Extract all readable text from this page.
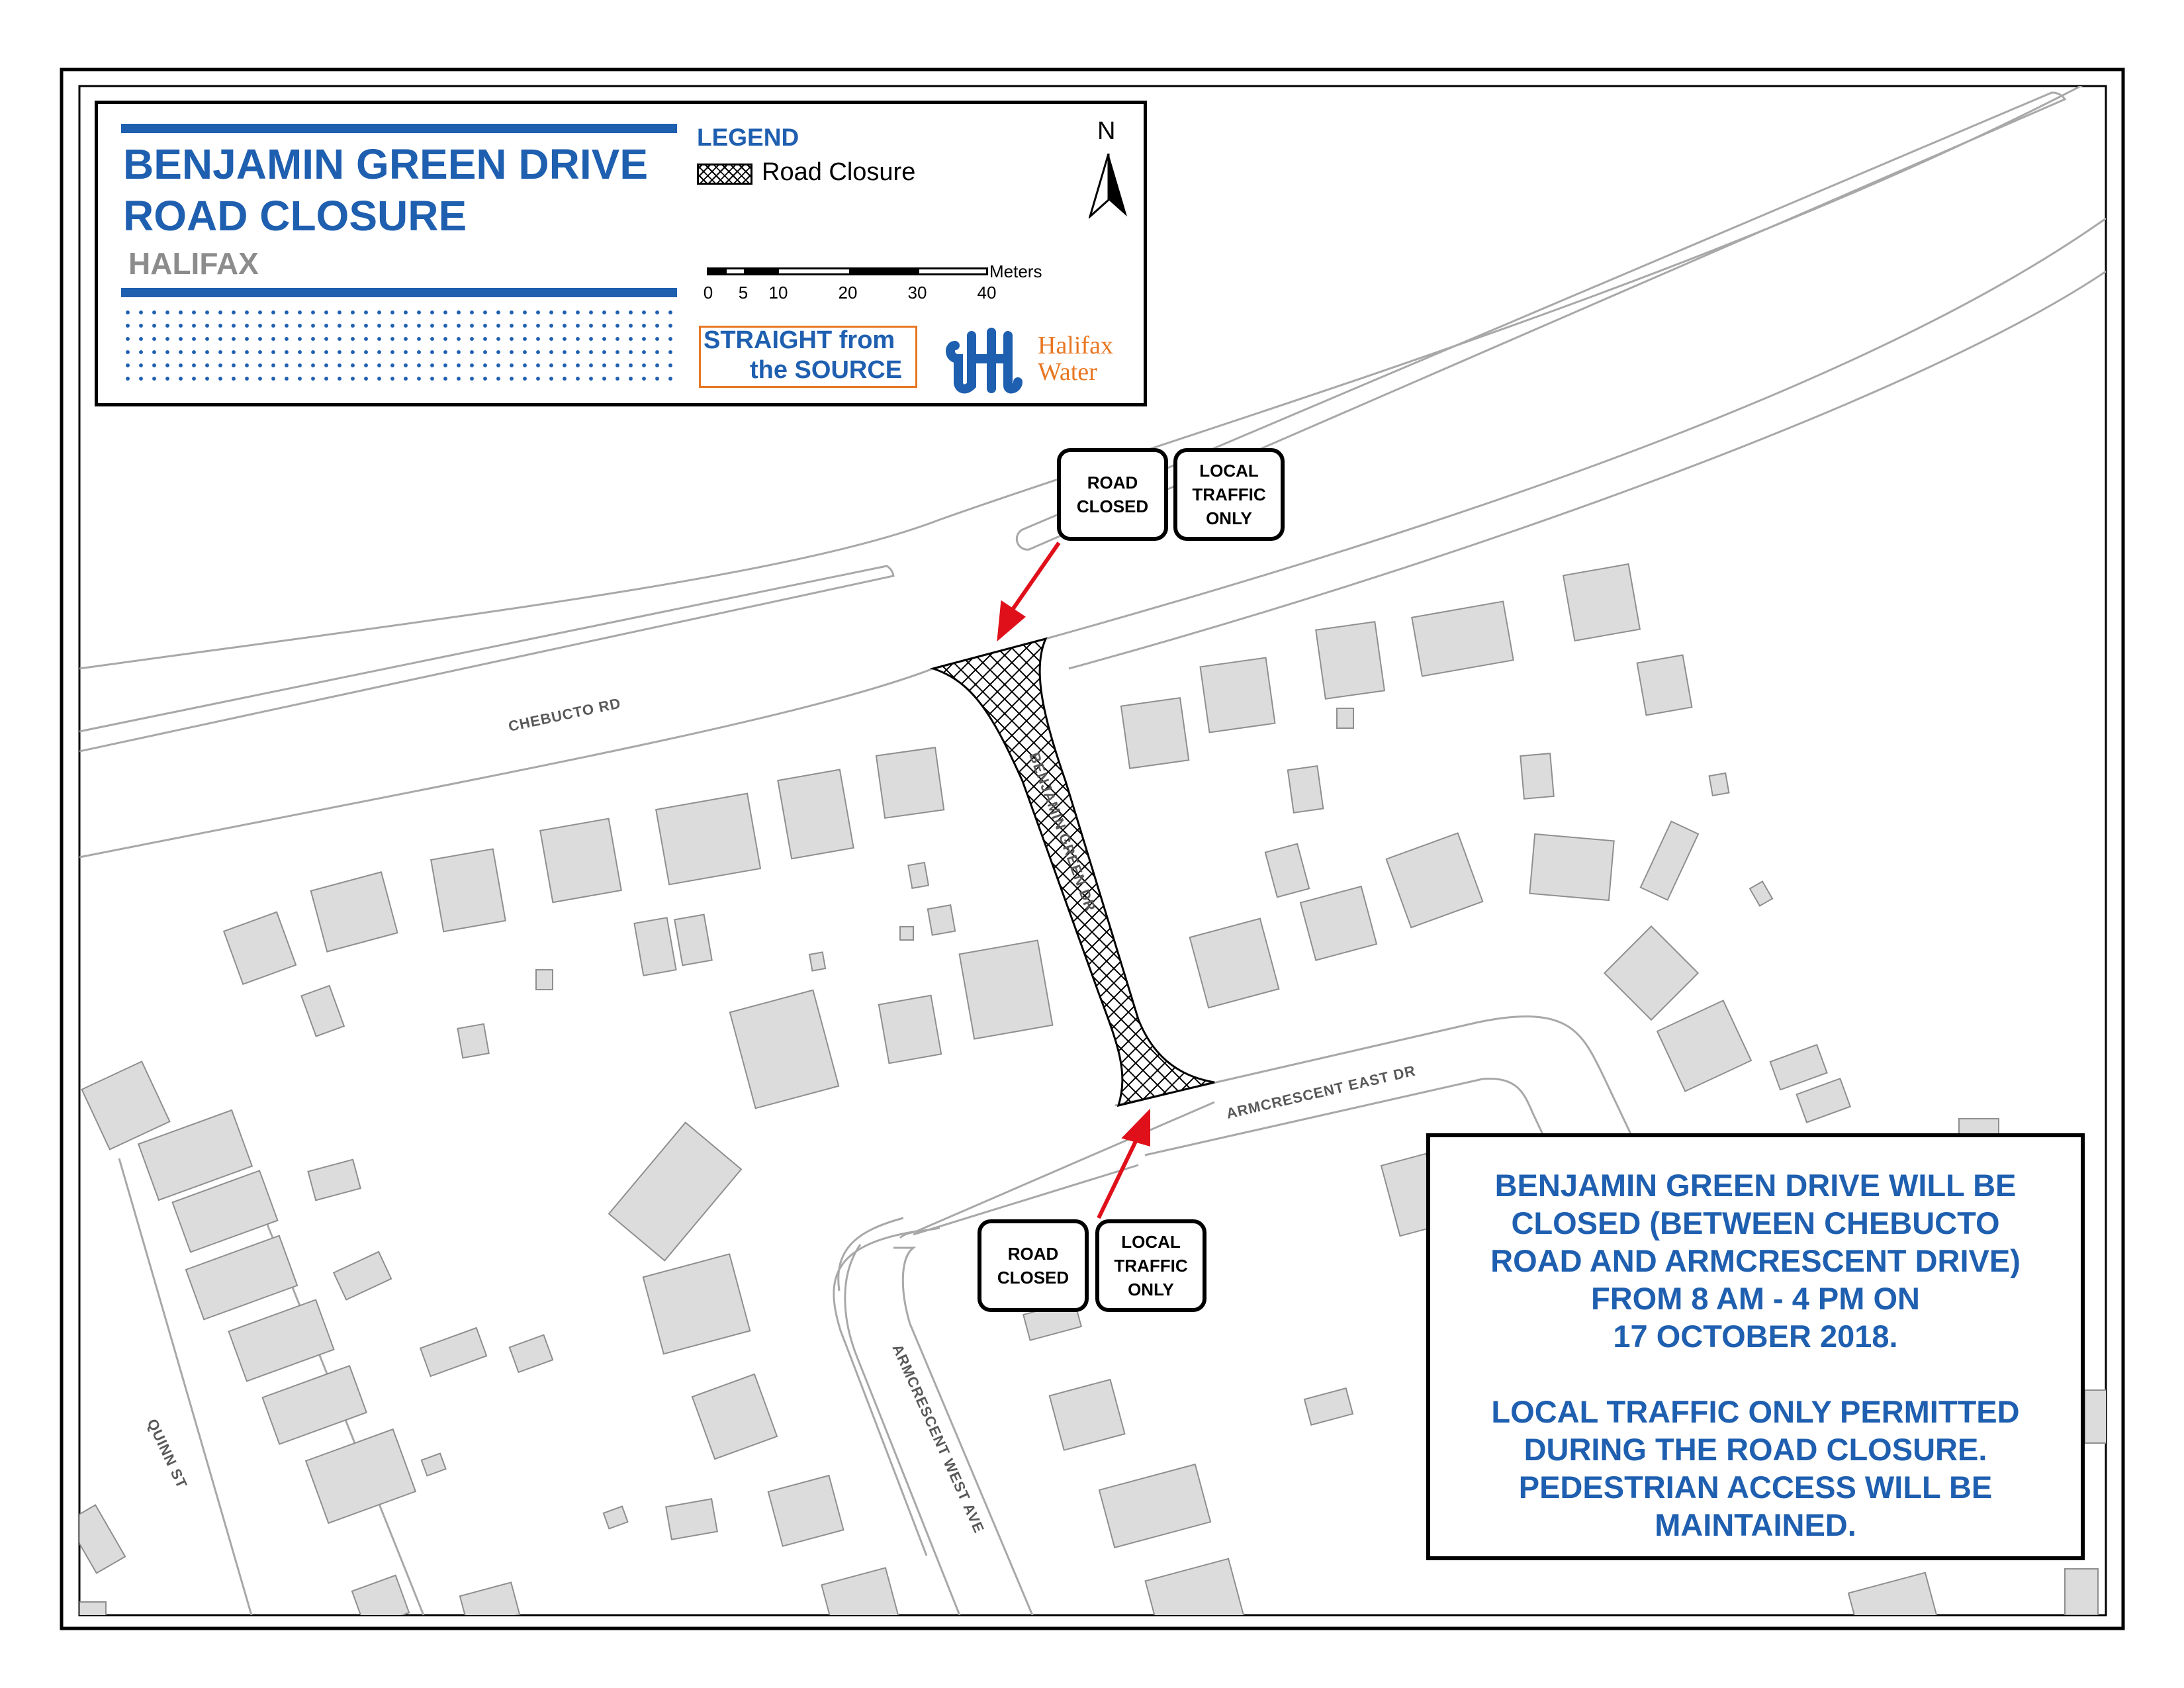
CHEBUCTO RD
BENJAMIN GREEN DR
ARMCRESCENT EAST DR
ARMCRESCENT WEST AVE
QUINN ST
BENJAMIN GREEN DRIVE
ROAD CLOSURE
HALIFAX
LEGEND
Road Closure
0 5 10	20	30	40
Meters
STRAIGHT from
the SOURCE
Halifax
Water
N
ROAD
CLOSED
LOCAL
TRAFFIC
ONLY
ROAD
CLOSED
LOCAL
TRAFFIC
ONLY

BENJAMIN GREEN DRIVE WILL BE
CLOSED (BETWEEN CHEBUCTO
ROAD AND ARMCRESCENT DRIVE)
FROM 8 AM - 4 PM ON
17 OCTOBER 2018.

LOCAL TRAFFIC ONLY PERMITTED
DURING THE ROAD CLOSURE.
PEDESTRIAN ACCESS WILL BE
MAINTAINED.
